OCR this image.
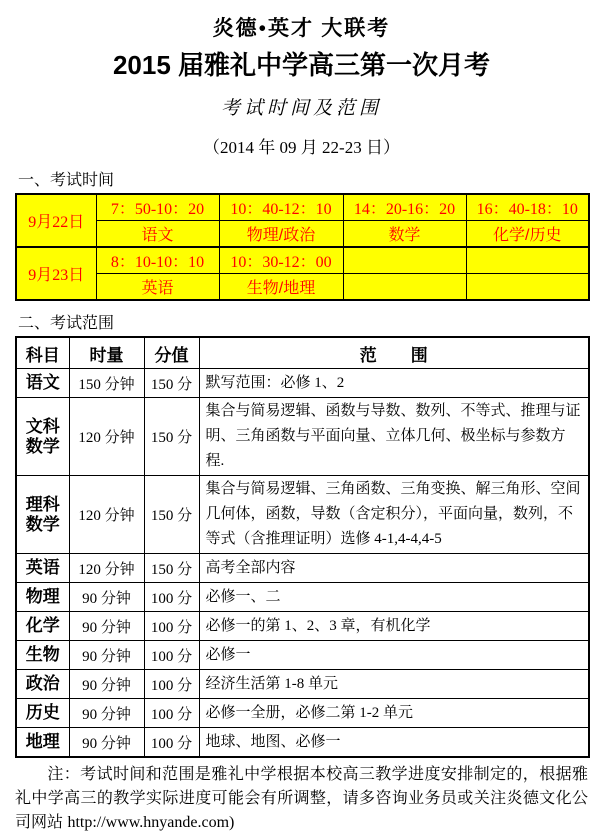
炎德•英才 大联考
2015 届雅礼中学高三第一次月考
考试时间及范围
（2014 年 09 月 22-23 日）
一、考试时间
9月22日	7：50-10：20	10：40-12：10	14：20-16：20	16：40-18：10
	语文	物理/政治	数学	化学/历史
9月23日	8：10-10：10	10：30-12：00		
	英语	生物/地理		
二、考试范围
科目	时量	分值	范　　围
语文	150 分钟	150 分	默写范围：必修 1、2
文科数学	120 分钟	150 分	集合与简易逻辑、函数与导数、数列、不等式、推理与证明、三角函数与平面向量、立体几何、极坐标与参数方程.
理科数学	120 分钟	150 分	集合与简易逻辑、三角函数、三角变换、解三角形、空间几何体，函数，导数（含定积分），平面向量，数列，不等式（含推理证明）选修 4-1,4-4,4-5
英语	120 分钟	150 分	高考全部内容
物理	90 分钟	100 分	必修一、二
化学	90 分钟	100 分	必修一的第 1、2、3 章，有机化学
生物	90 分钟	100 分	必修一
政治	90 分钟	100 分	经济生活第 1-8 单元
历史	90 分钟	100 分	必修一全册，必修二第 1-2 单元
地理	90 分钟	100 分	地球、地图、必修一
注：考试时间和范围是雅礼中学根据本校高三教学进度安排制定的，根据雅礼中学高三的教学实际进度可能会有所调整，请多咨询业务员或关注炎德文化公司网站 http://www.hnyande.com)
